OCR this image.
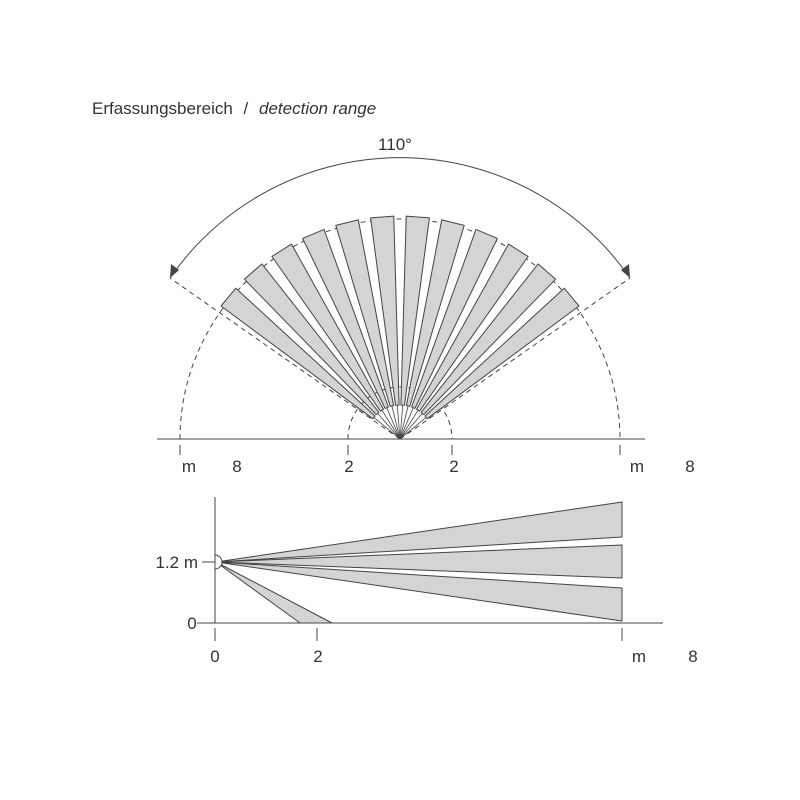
Erfassungsbereich / detection range
110°
m 8	2	2	m 8
1.2 m
0
0	2	m 8
